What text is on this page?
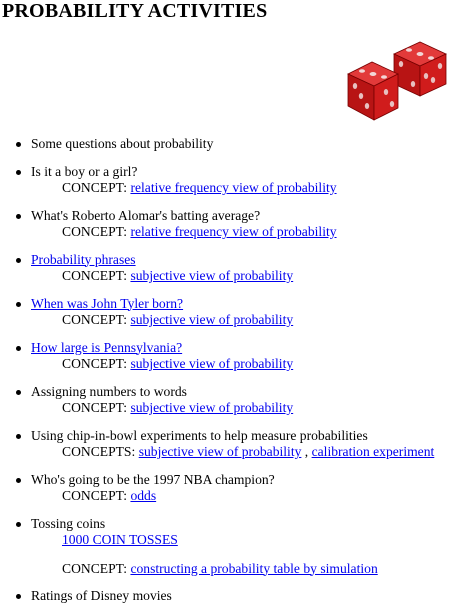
PROBABILITY ACTIVITIES
Some questions about probability
Is it a boy or a girl?
CONCEPT: relative frequency view of probability
What's Roberto Alomar's batting average?
CONCEPT: relative frequency view of probability
Probability phrases
CONCEPT: subjective view of probability
When was John Tyler born?
CONCEPT: subjective view of probability
How large is Pennsylvania?
CONCEPT: subjective view of probability
Assigning numbers to words
CONCEPT: subjective view of probability
Using chip-in-bowl experiments to help measure probabilities
CONCEPTS: subjective view of probability , calibration experiment
Who's going to be the 1997 NBA champion?
CONCEPT: odds
Tossing coins
1000 COIN TOSSES

CONCEPT: constructing a probability table by simulation
Ratings of Disney movies
